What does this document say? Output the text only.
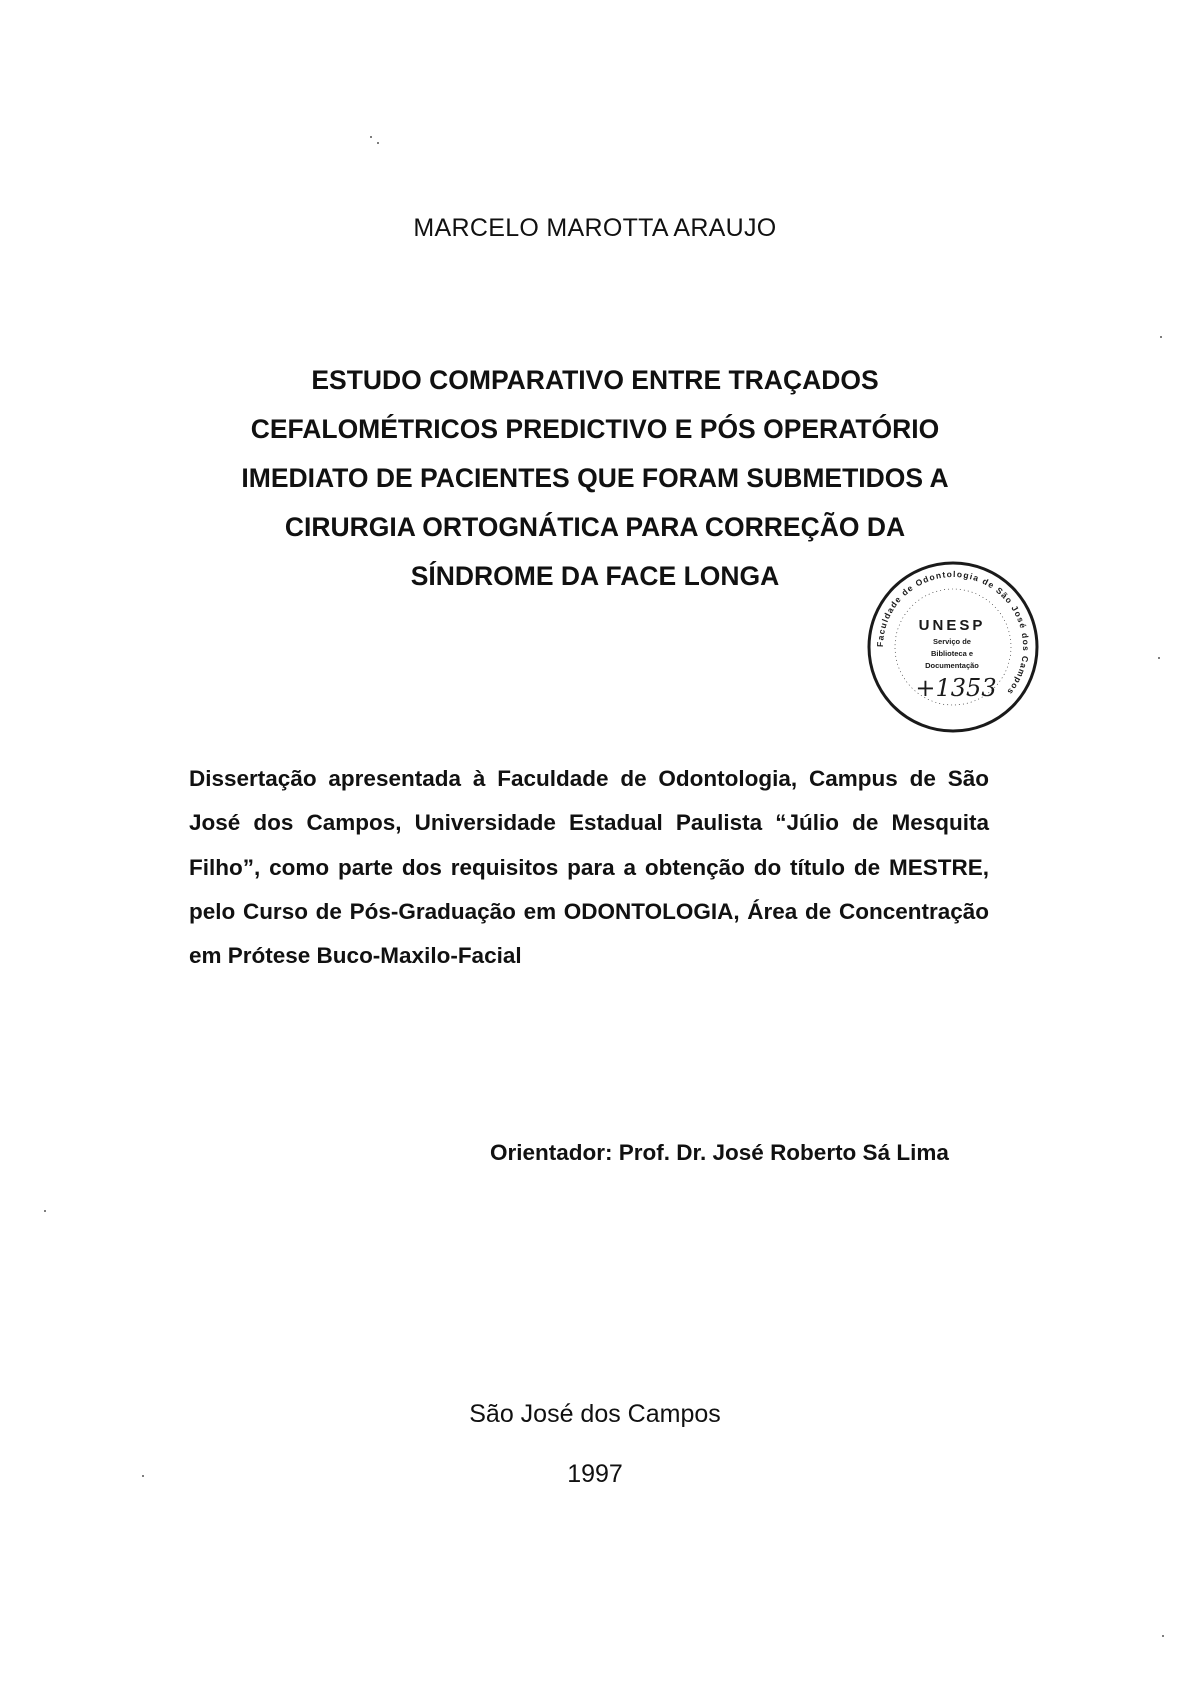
MARCELO MAROTTA ARAUJO
ESTUDO COMPARATIVO ENTRE TRAÇADOS
CEFALOMÉTRICOS PREDICTIVO E PÓS OPERATÓRIO
IMEDIATO DE PACIENTES QUE FORAM SUBMETIDOS A
CIRURGIA ORTOGNÁTICA PARA CORREÇÃO DA
SÍNDROME DA FACE LONGA
Faculdade de Odontologia de São José dos Campos
UNESP
Serviço de
Biblioteca e
Documentação
+1353
Dissertação apresentada à Faculdade de Odontologia, Campus de São José dos Campos, Universidade Estadual Paulista “Júlio de Mesquita Filho”, como parte dos requisitos para a obtenção do título de MESTRE, pelo Curso de Pós-Graduação em ODONTOLOGIA, Área de Concentração em Prótese Buco-Maxilo-Facial
Orientador: Prof. Dr. José Roberto Sá Lima
São José dos Campos
1997
